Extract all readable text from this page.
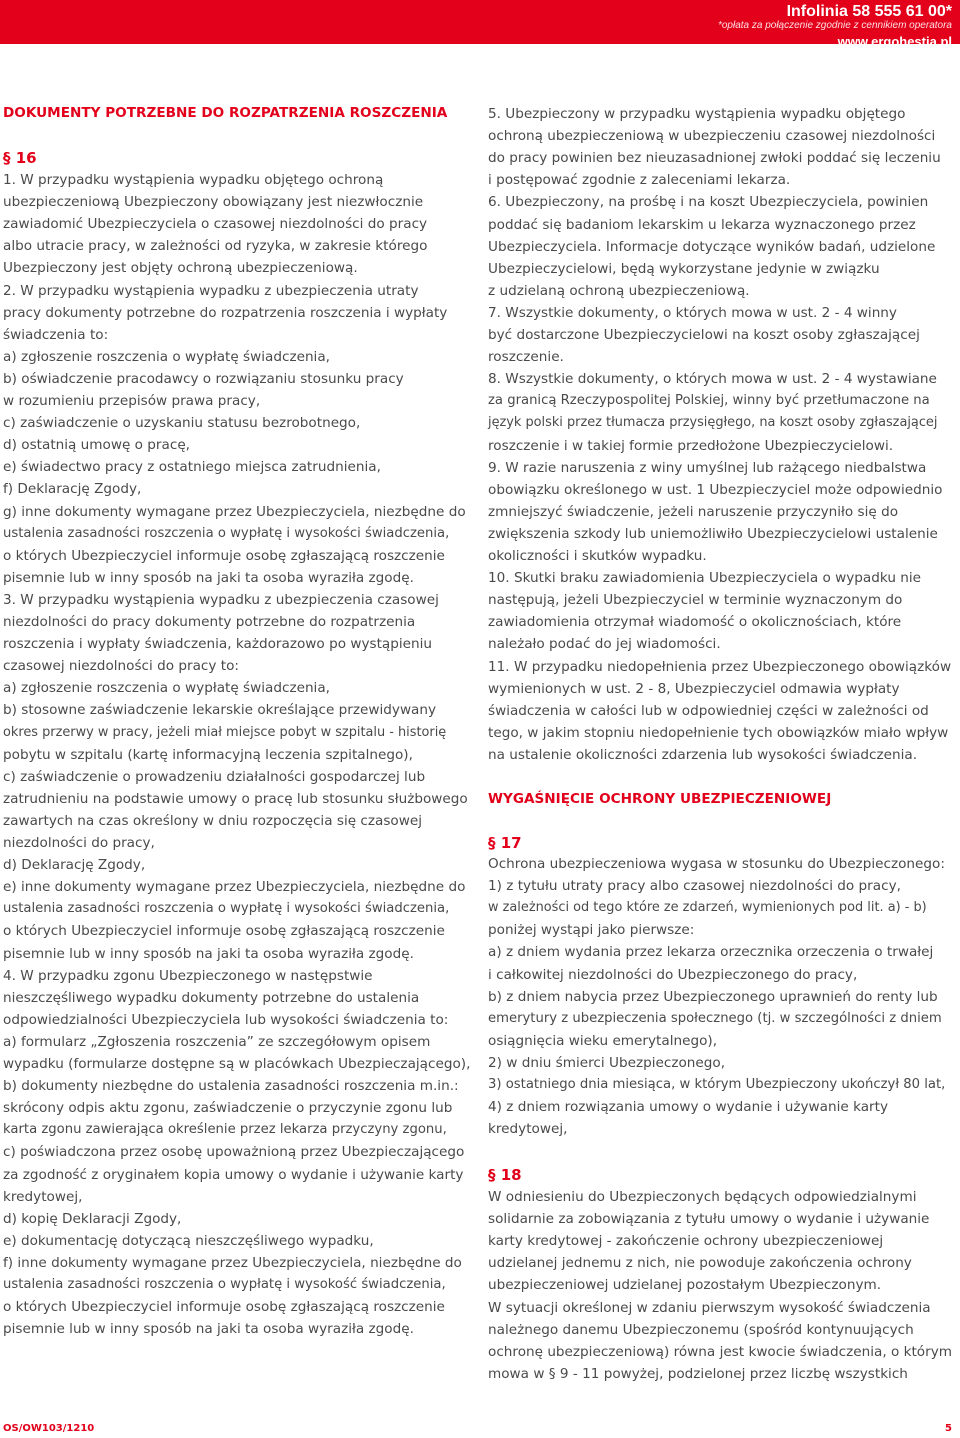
Infolinia 58 555 61 00*
*opłata za połączenie zgodnie z cennikiem operatora
www.ergohestia.pl
DOKUMENTY POTRZEBNE DO ROZPATRZENIA ROSZCZENIA
§ 16
1. W przypadku wystąpienia wypadku objętego ochroną
ubezpieczeniową Ubezpieczony obowiązany jest niezwłocznie
zawiadomić Ubezpieczyciela o czasowej niezdolności do pracy
albo utracie pracy, w zależności od ryzyka, w zakresie którego
Ubezpieczony jest objęty ochroną ubezpieczeniową.
2. W przypadku wystąpienia wypadku z ubezpieczenia utraty
pracy dokumenty potrzebne do rozpatrzenia roszczenia i wypłaty
świadczenia to:
a) zgłoszenie roszczenia o wypłatę świadczenia,
b) oświadczenie pracodawcy o rozwiązaniu stosunku pracy
w rozumieniu przepisów prawa pracy,
c) zaświadczenie o uzyskaniu statusu bezrobotnego,
d) ostatnią umowę o pracę,
e) świadectwo pracy z ostatniego miejsca zatrudnienia,
f) Deklarację Zgody,
g) inne dokumenty wymagane przez Ubezpieczyciela, niezbędne do
ustalenia zasadności roszczenia o wypłatę i wysokości świadczenia,
o których Ubezpieczyciel informuje osobę zgłaszającą roszczenie
pisemnie lub w inny sposób na jaki ta osoba wyraziła zgodę.
3. W przypadku wystąpienia wypadku z ubezpieczenia czasowej
niezdolności do pracy dokumenty potrzebne do rozpatrzenia
roszczenia i wypłaty świadczenia, każdorazowo po wystąpieniu
czasowej niezdolności do pracy to:
a) zgłoszenie roszczenia o wypłatę świadczenia,
b) stosowne zaświadczenie lekarskie określające przewidywany
okres przerwy w pracy, jeżeli miał miejsce pobyt w szpitalu - historię
pobytu w szpitalu (kartę informacyjną leczenia szpitalnego),
c) zaświadczenie o prowadzeniu działalności gospodarczej lub
zatrudnieniu na podstawie umowy o pracę lub stosunku służbowego
zawartych na czas określony w dniu rozpoczęcia się czasowej
niezdolności do pracy,
d) Deklarację Zgody,
e) inne dokumenty wymagane przez Ubezpieczyciela, niezbędne do
ustalenia zasadności roszczenia o wypłatę i wysokości świadczenia,
o których Ubezpieczyciel informuje osobę zgłaszającą roszczenie
pisemnie lub w inny sposób na jaki ta osoba wyraziła zgodę.
4. W przypadku zgonu Ubezpieczonego w następstwie
nieszczęśliwego wypadku dokumenty potrzebne do ustalenia
odpowiedzialności Ubezpieczyciela lub wysokości świadczenia to:
a) formularz „Zgłoszenia roszczenia” ze szczegółowym opisem
wypadku (formularze dostępne są w placówkach Ubezpieczającego),
b) dokumenty niezbędne do ustalenia zasadności roszczenia m.in.:
skrócony odpis aktu zgonu, zaświadczenie o przyczynie zgonu lub
karta zgonu zawierająca określenie przez lekarza przyczyny zgonu,
c) poświadczona przez osobę upoważnioną przez Ubezpieczającego
za zgodność z oryginałem kopia umowy o wydanie i używanie karty
kredytowej,
d) kopię Deklaracji Zgody,
e) dokumentację dotyczącą nieszczęśliwego wypadku,
f) inne dokumenty wymagane przez Ubezpieczyciela, niezbędne do
ustalenia zasadności roszczenia o wypłatę i wysokość świadczenia,
o których Ubezpieczyciel informuje osobę zgłaszającą roszczenie
pisemnie lub w inny sposób na jaki ta osoba wyraziła zgodę.
WYGAŚNIĘCIE OCHRONY UBEZPIECZENIOWEJ
§ 17
§ 18
5. Ubezpieczony w przypadku wystąpienia wypadku objętego
ochroną ubezpieczeniową w ubezpieczeniu czasowej niezdolności
do pracy powinien bez nieuzasadnionej zwłoki poddać się leczeniu
i postępować zgodnie z zaleceniami lekarza.
6. Ubezpieczony, na prośbę i na koszt Ubezpieczyciela, powinien
poddać się badaniom lekarskim u lekarza wyznaczonego przez
Ubezpieczyciela. Informacje dotyczące wyników badań, udzielone
Ubezpieczycielowi, będą wykorzystane jedynie w związku
z udzielaną ochroną ubezpieczeniową.
7. Wszystkie dokumenty, o których mowa w ust. 2 - 4 winny
być dostarczone Ubezpieczycielowi na koszt osoby zgłaszającej
roszczenie.
8. Wszystkie dokumenty, o których mowa w ust. 2 - 4 wystawiane
za granicą Rzeczypospolitej Polskiej, winny być przetłumaczone na
język polski przez tłumacza przysięgłego, na koszt osoby zgłaszającej
roszczenie i w takiej formie przedłożone Ubezpieczycielowi.
9. W razie naruszenia z winy umyślnej lub rażącego niedbalstwa
obowiązku określonego w ust. 1 Ubezpieczyciel może odpowiednio
zmniejszyć świadczenie, jeżeli naruszenie przyczyniło się do
zwiększenia szkody lub uniemożliwiło Ubezpieczycielowi ustalenie
okoliczności i skutków wypadku.
10. Skutki braku zawiadomienia Ubezpieczyciela o wypadku nie
następują, jeżeli Ubezpieczyciel w terminie wyznaczonym do
zawiadomienia otrzymał wiadomość o okolicznościach, które
należało podać do jej wiadomości.
11. W przypadku niedopełnienia przez Ubezpieczonego obowiązków
wymienionych w ust. 2 - 8, Ubezpieczyciel odmawia wypłaty
świadczenia w całości lub w odpowiedniej części w zależności od
tego, w jakim stopniu niedopełnienie tych obowiązków miało wpływ
na ustalenie okoliczności zdarzenia lub wysokości świadczenia.
Ochrona ubezpieczeniowa wygasa w stosunku do Ubezpieczonego:
1) z tytułu utraty pracy albo czasowej niezdolności do pracy,
w zależności od tego które ze zdarzeń, wymienionych pod lit. a) - b)
poniżej wystąpi jako pierwsze:
a) z dniem wydania przez lekarza orzecznika orzeczenia o trwałej
i całkowitej niezdolności do Ubezpieczonego do pracy,
b) z dniem nabycia przez Ubezpieczonego uprawnień do renty lub
emerytury z ubezpieczenia społecznego (tj. w szczególności z dniem
osiągnięcia wieku emerytalnego),
2) w dniu śmierci Ubezpieczonego,
3) ostatniego dnia miesiąca, w którym Ubezpieczony ukończył 80 lat,
4) z dniem rozwiązania umowy o wydanie i używanie karty
kredytowej,
W odniesieniu do Ubezpieczonych będących odpowiedzialnymi
solidarnie za zobowiązania z tytułu umowy o wydanie i używanie
karty kredytowej - zakończenie ochrony ubezpieczeniowej
udzielanej jednemu z nich, nie powoduje zakończenia ochrony
ubezpieczeniowej udzielanej pozostałym Ubezpieczonym.
W sytuacji określonej w zdaniu pierwszym wysokość świadczenia
należnego danemu Ubezpieczonemu (spośród kontynuujących
ochronę ubezpieczeniową) równa jest kwocie świadczenia, o którym
mowa w § 9 - 11 powyżej, podzielonej przez liczbę wszystkich
OS/OW103/1210	5
